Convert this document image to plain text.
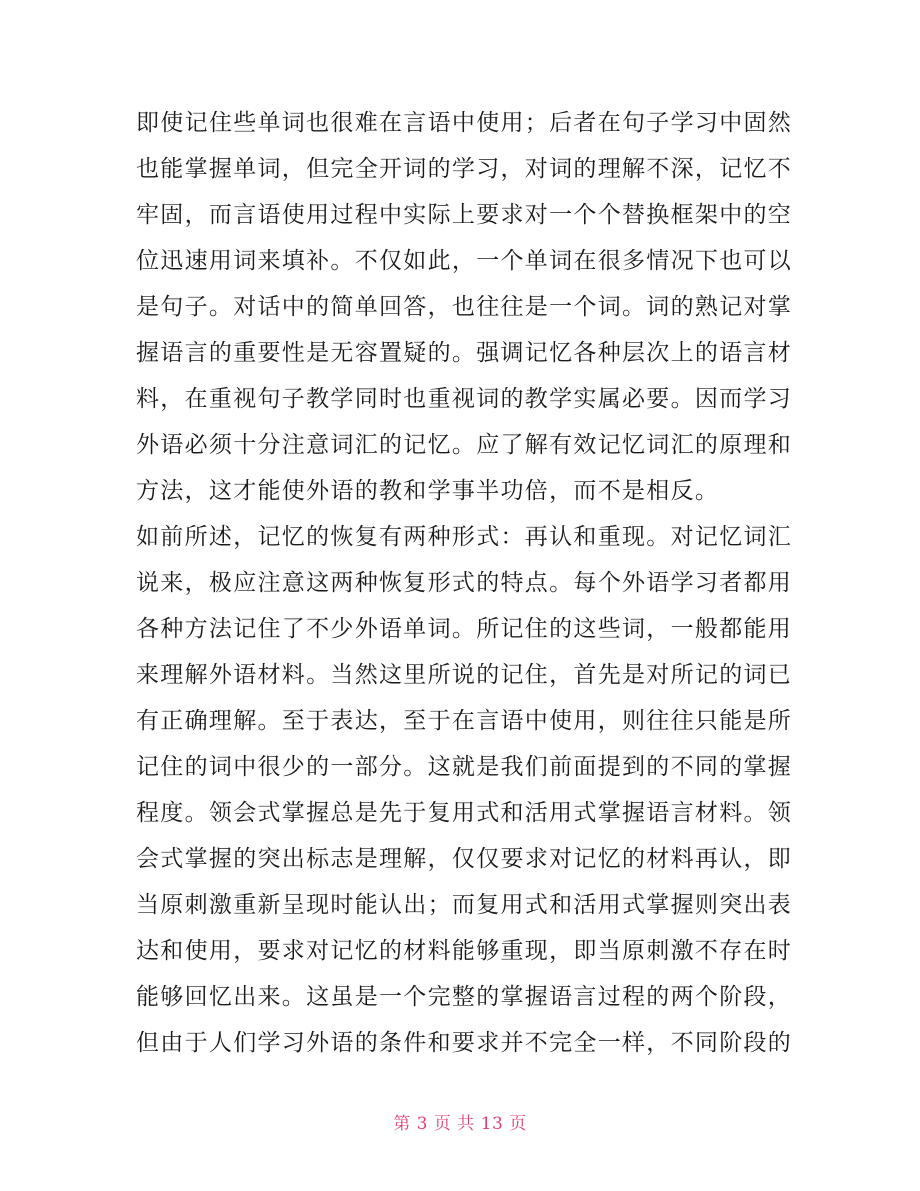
即使记住些单词也很难在言语中使用；后者在句子学习中固然
也能掌握单词，但完全开词的学习，对词的理解不深，记忆不
牢固，而言语使用过程中实际上要求对一个个替换框架中的空
位迅速用词来填补。不仅如此，一个单词在很多情况下也可以
是句子。对话中的简单回答，也往往是一个词。词的熟记对掌
握语言的重要性是无容置疑的。强调记忆各种层次上的语言材
料，在重视句子教学同时也重视词的教学实属必要。因而学习
外语必须十分注意词汇的记忆。应了解有效记忆词汇的原理和
方法，这才能使外语的教和学事半功倍，而不是相反。
如前所述，记忆的恢复有两种形式：再认和重现。对记忆词汇
说来，极应注意这两种恢复形式的特点。每个外语学习者都用
各种方法记住了不少外语单词。所记住的这些词，一般都能用
来理解外语材料。当然这里所说的记住，首先是对所记的词已
有正确理解。至于表达，至于在言语中使用，则往往只能是所
记住的词中很少的一部分。这就是我们前面提到的不同的掌握
程度。领会式掌握总是先于复用式和活用式掌握语言材料。领
会式掌握的突出标志是理解，仅仅要求对记忆的材料再认，即
当原刺激重新呈现时能认出；而复用式和活用式掌握则突出表
达和使用，要求对记忆的材料能够重现，即当原刺激不存在时
能够回忆出来。这虽是一个完整的掌握语言过程的两个阶段，
但由于人们学习外语的条件和要求并不完全一样，不同阶段的
第 3 页 共 13 页
